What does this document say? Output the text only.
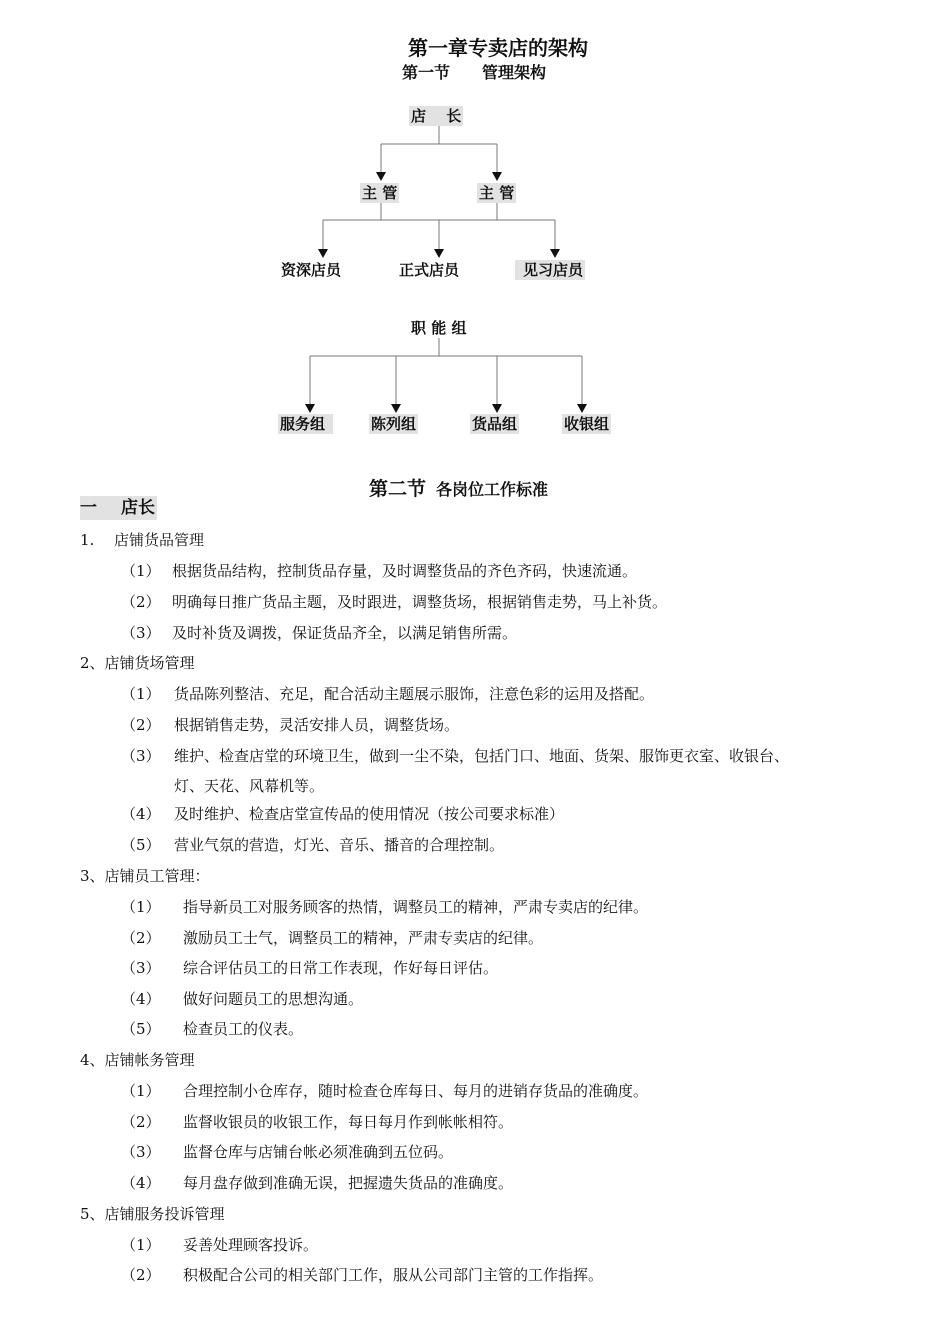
第一章专卖店的架构
第一节 管理架构
店　 长
主 管	主 管
资深店员	正式店员	见习店员
职 能 组
服务组	陈列组	货品组	收银组
第二节 各岗位工作标准
一 店长
1. 店铺货品管理
（1） 根据货品结构，控制货品存量，及时调整货品的齐色齐码，快速流通。
（2） 明确每日推广货品主题，及时跟进，调整货场，根据销售走势，马上补货。
（3） 及时补货及调拨，保证货品齐全，以满足销售所需。
2、店铺货场管理
（1） 货品陈列整洁、充足，配合活动主题展示服饰，注意色彩的运用及搭配。
（2） 根据销售走势，灵活安排人员，调整货场。
（3） 维护、检查店堂的环境卫生，做到一尘不染，包括门口、地面、货架、服饰更衣室、收银台、
灯、天花、风幕机等。
（4） 及时维护、检查店堂宣传品的使用情况（按公司要求标准）
（5） 营业气氛的营造，灯光、音乐、播音的合理控制。
3、店铺员工管理：
（1） 指导新员工对服务顾客的热情，调整员工的精神，严肃专卖店的纪律。
（2） 激励员工士气，调整员工的精神，严肃专卖店的纪律。
（3） 综合评估员工的日常工作表现，作好每日评估。
（4） 做好问题员工的思想沟通。
（5） 检查员工的仪表。
4、店铺帐务管理
（1） 合理控制小仓库存，随时检查仓库每日、每月的进销存货品的准确度。
（2） 监督收银员的收银工作，每日每月作到帐帐相符。
（3） 监督仓库与店铺台帐必须准确到五位码。
（4） 每月盘存做到准确无误，把握遗失货品的准确度。
5、店铺服务投诉管理
（1） 妥善处理顾客投诉。
（2） 积极配合公司的相关部门工作，服从公司部门主管的工作指挥。
